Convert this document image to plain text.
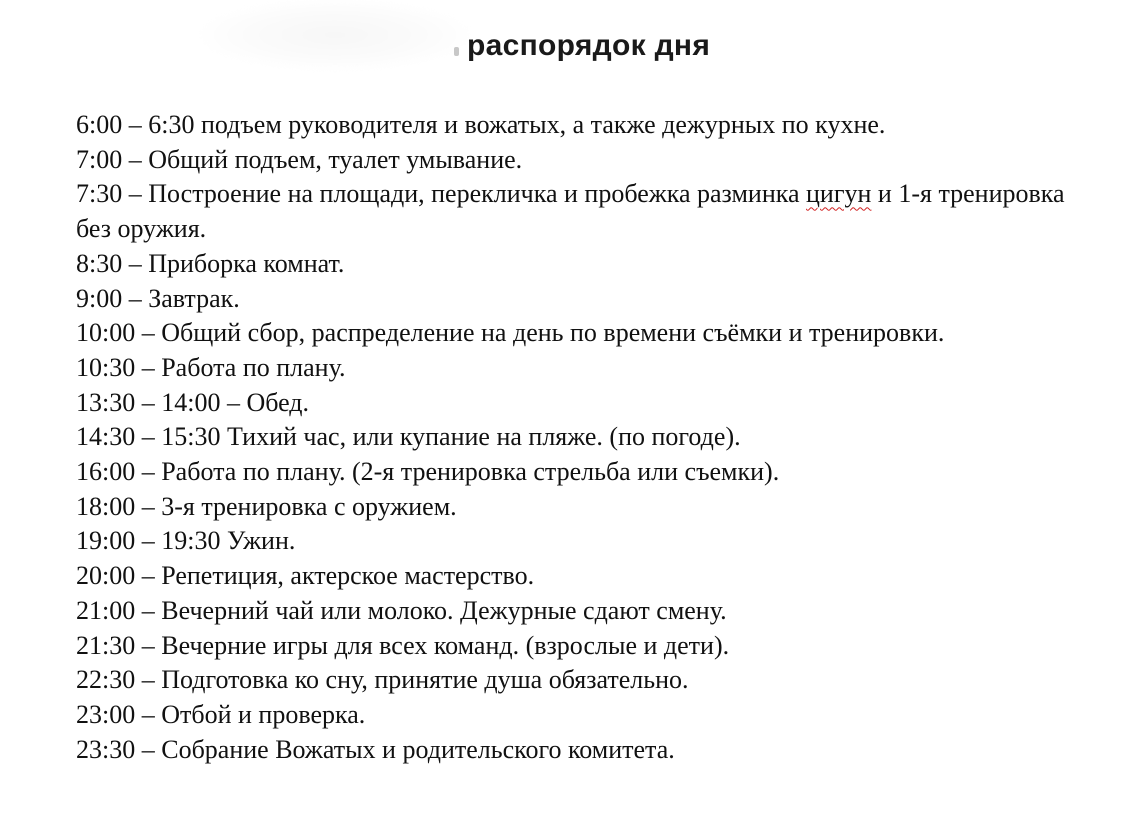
распорядок дня
6:00 – 6:30 подъем руководителя и вожатых, а также дежурных по кухне.
7:00 – Общий подъем, туалет умывание.
7:30 – Построение на площади, перекличка и пробежка разминка цигун и 1-я тренировка без оружия.
8:30 – Приборка комнат.
9:00 – Завтрак.
10:00 – Общий сбор, распределение на день по времени съёмки и тренировки.
10:30 – Работа по плану.
13:30 – 14:00 – Обед.
14:30 – 15:30 Тихий час, или купание на пляже. (по погоде).
16:00 – Работа по плану. (2-я тренировка стрельба или съемки).
18:00 – 3-я тренировка с оружием.
19:00 – 19:30 Ужин.
20:00 – Репетиция, актерское мастерство.
21:00 – Вечерний чай или молоко. Дежурные сдают смену.
21:30 – Вечерние игры для всех команд. (взрослые и дети).
22:30 – Подготовка ко сну, принятие душа обязательно.
23:00 – Отбой и проверка.
23:30 – Собрание Вожатых и родительского комитета.
